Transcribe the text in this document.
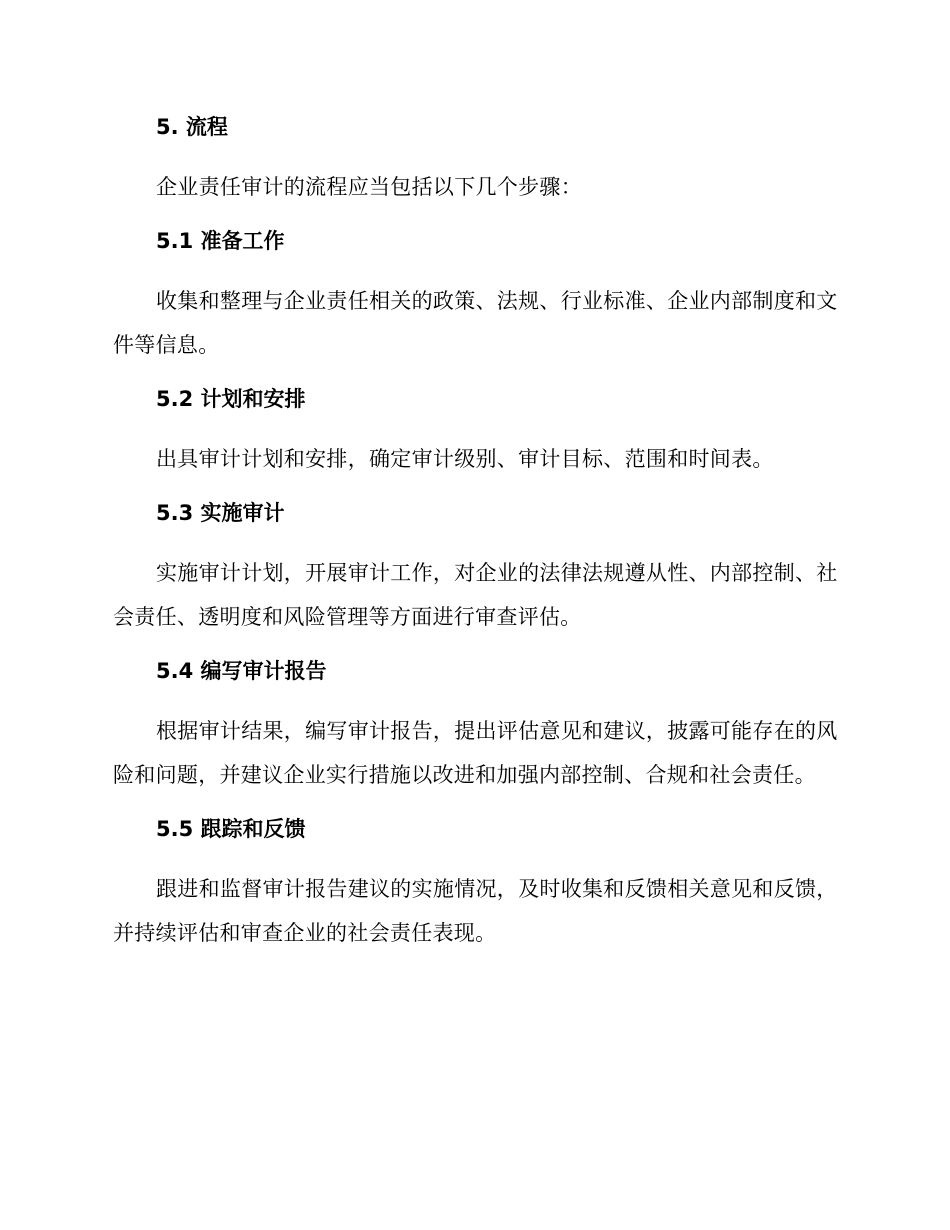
5. 流程

企业责任审计的流程应当包括以下几个步骤：

5.1 准备工作

收集和整理与企业责任相关的政策、法规、行业标准、企业内部制度和文件等信息。

5.2 计划和安排

出具审计计划和安排，确定审计级别、审计目标、范围和时间表。

5.3 实施审计

实施审计计划，开展审计工作，对企业的法律法规遵从性、内部控制、社会责任、透明度和风险管理等方面进行审查评估。

5.4 编写审计报告

根据审计结果，编写审计报告，提出评估意见和建议，披露可能存在的风险和问题，并建议企业实行措施以改进和加强内部控制、合规和社会责任。

5.5 跟踪和反馈

跟进和监督审计报告建议的实施情况，及时收集和反馈相关意见和反馈，并持续评估和审查企业的社会责任表现。
